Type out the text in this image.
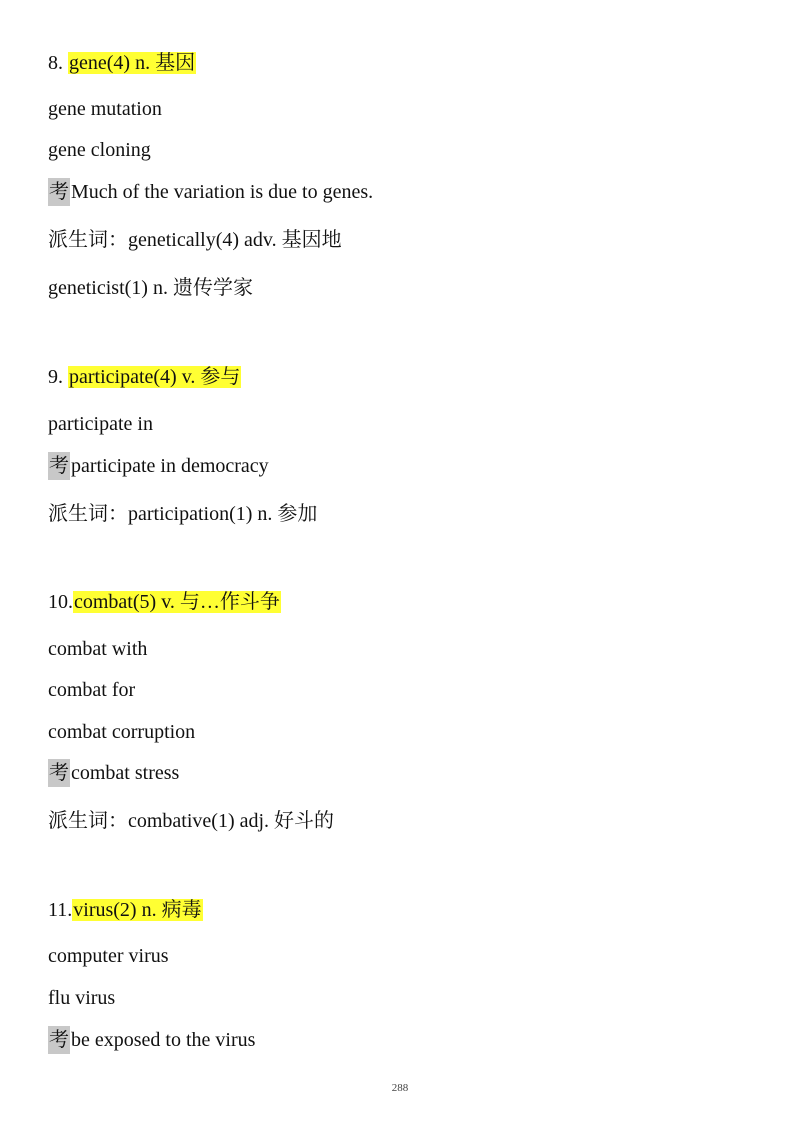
8. gene(4) n. 基因
gene mutation
gene cloning
考 Much of the variation is due to genes.
派生词：genetically(4) adv. 基因地
geneticist(1) n. 遗传学家
9. participate(4) v. 参与
participate in
考 participate in democracy
派生词：participation(1) n. 参加
10.combat(5) v. 与…作斗争
combat with
combat for
combat corruption
考 combat stress
派生词：combative(1) adj. 好斗的
11.virus(2) n. 病毒
computer virus
flu virus
考 be exposed to the virus
288
